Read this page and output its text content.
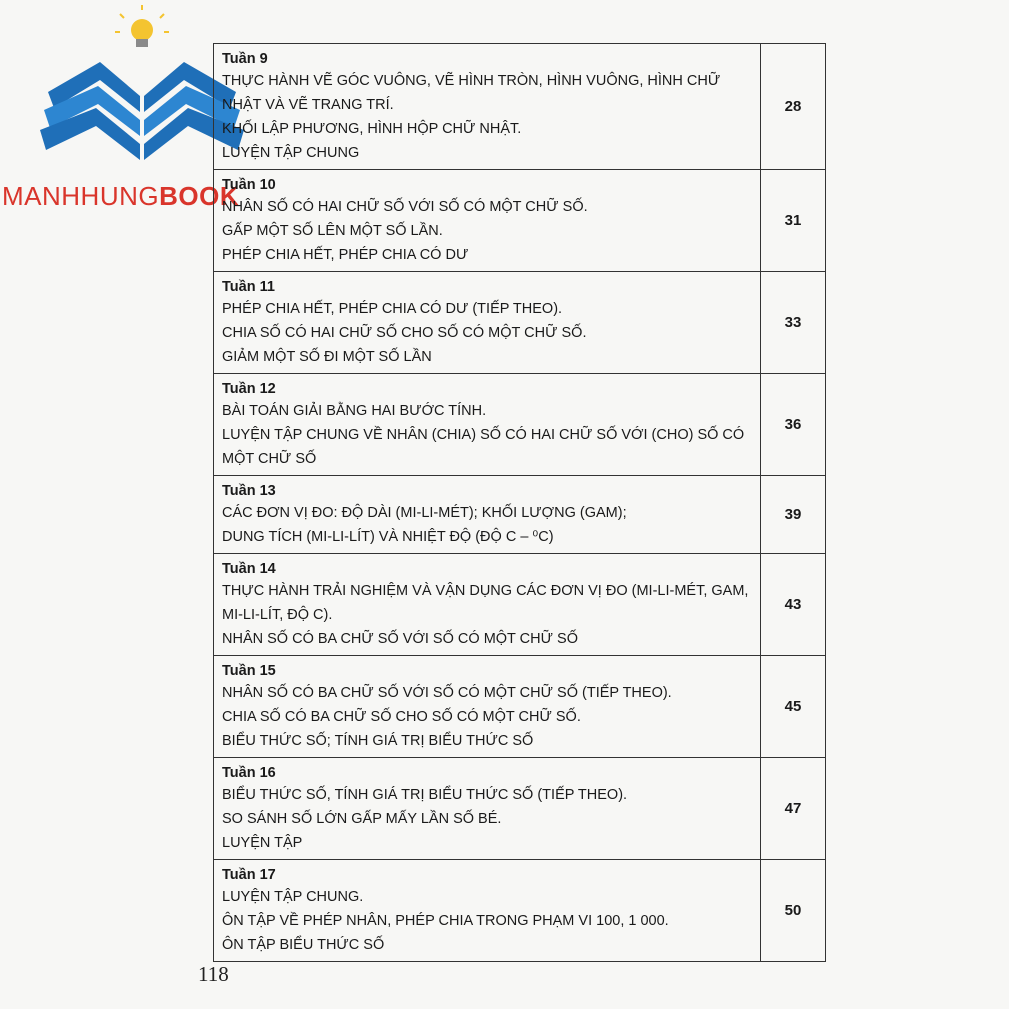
MANHHUNGBOOK
Tuần 9
THỰC HÀNH VẼ GÓC VUÔNG, VẼ HÌNH TRÒN, HÌNH VUÔNG, HÌNH CHỮ NHẬT VÀ VẼ TRANG TRÍ.
KHỐI LẬP PHƯƠNG, HÌNH HỘP CHỮ NHẬT.
LUYỆN TẬP CHUNG	28

Tuần 10
NHÂN SỐ CÓ HAI CHỮ SỐ VỚI SỐ CÓ MỘT CHỮ SỐ.
GẤP MỘT SỐ LÊN MỘT SỐ LẦN.
PHÉP CHIA HẾT, PHÉP CHIA CÓ DƯ	31

Tuần 11
PHÉP CHIA HẾT, PHÉP CHIA CÓ DƯ (TIẾP THEO).
CHIA SỐ CÓ HAI CHỮ SỐ CHO SỐ CÓ MỘT CHỮ SỐ.
GIẢM MỘT SỐ ĐI MỘT SỐ LẦN	33

Tuần 12
BÀI TOÁN GIẢI BẰNG HAI BƯỚC TÍNH.
LUYỆN TẬP CHUNG VỀ NHÂN (CHIA) SỐ CÓ HAI CHỮ SỐ VỚI (CHO) SỐ CÓ MỘT CHỮ SỐ	36

Tuần 13
CÁC ĐƠN VỊ ĐO: ĐỘ DÀI (MI-LI-MÉT); KHỐI LƯỢNG (GAM);
DUNG TÍCH (MI-LI-LÍT) VÀ NHIỆT ĐỘ (ĐỘ C – ⁰C)	39

Tuần 14
THỰC HÀNH TRẢI NGHIỆM VÀ VẬN DỤNG CÁC ĐƠN VỊ ĐO (MI-LI-MÉT, GAM, MI-LI-LÍT, ĐỘ C).
NHÂN SỐ CÓ BA CHỮ SỐ VỚI SỐ CÓ MỘT CHỮ SỐ	43

Tuần 15
NHÂN SỐ CÓ BA CHỮ SỐ VỚI SỐ CÓ MỘT CHỮ SỐ (TIẾP THEO).
CHIA SỐ CÓ BA CHỮ SỐ CHO SỐ CÓ MỘT CHỮ SỐ.
BIỂU THỨC SỐ; TÍNH GIÁ TRỊ BIỂU THỨC SỐ	45

Tuần 16
BIỂU THỨC SỐ, TÍNH GIÁ TRỊ BIỂU THỨC SỐ (TIẾP THEO).
SO SÁNH SỐ LỚN GẤP MẤY LẦN SỐ BÉ.
LUYỆN TẬP	47

Tuần 17
LUYỆN TẬP CHUNG.
ÔN TẬP VỀ PHÉP NHÂN, PHÉP CHIA TRONG PHẠM VI 100, 1 000.
ÔN TẬP BIỂU THỨC SỐ	50
118
